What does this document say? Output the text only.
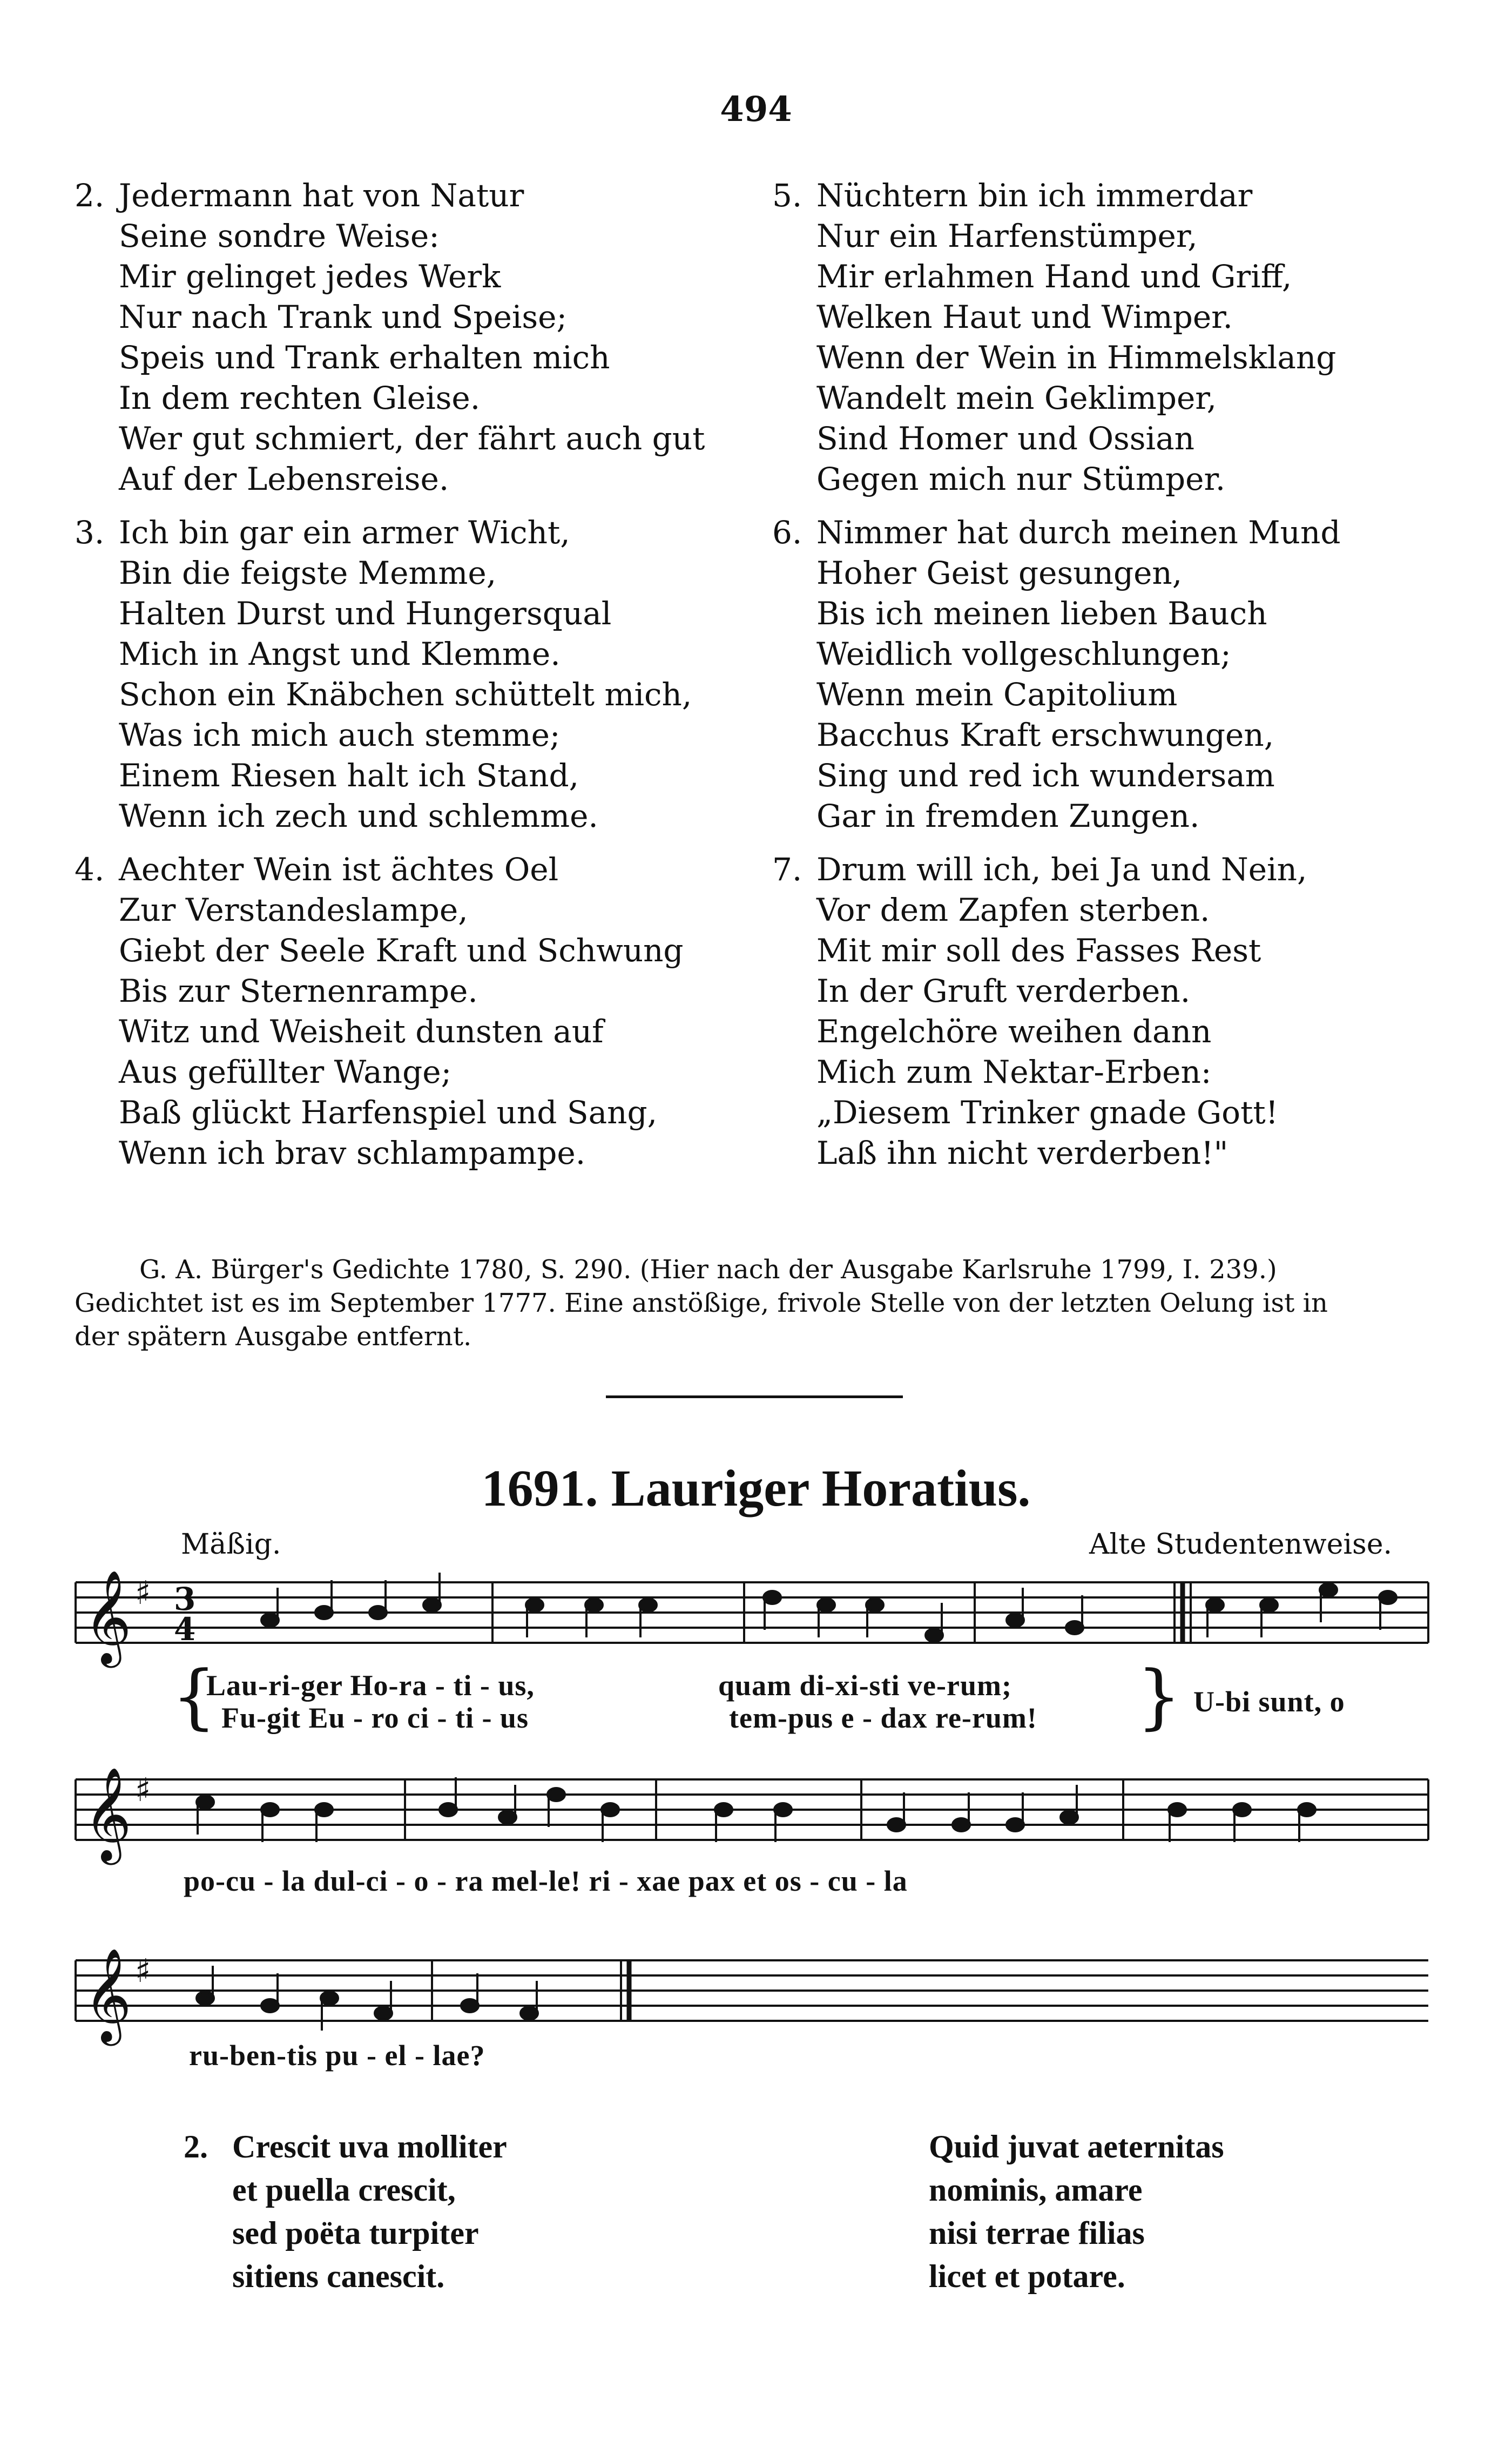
494
2. Jedermann hat von Natur
Seine sondre Weise:
Mir gelinget jedes Werk
Nur nach Trank und Speise;
Speis und Trank erhalten mich
In dem rechten Gleise.
Wer gut schmiert, der fährt auch gut
Auf der Lebensreise.
3. Ich bin gar ein armer Wicht,
Bin die feigste Memme,
Halten Durst und Hungersqual
Mich in Angst und Klemme.
Schon ein Knäbchen schüttelt mich,
Was ich mich auch stemme;
Einem Riesen halt ich Stand,
Wenn ich zech und schlemme.
4. Aechter Wein ist ächtes Oel
Zur Verstandeslampe,
Giebt der Seele Kraft und Schwung
Bis zur Sternenrampe.
Witz und Weisheit dunsten auf
Aus gefüllter Wange;
Baß glückt Harfenspiel und Sang,
Wenn ich brav schlampampe.
5. Nüchtern bin ich immerdar
Nur ein Harfenstümper,
Mir erlahmen Hand und Griff,
Welken Haut und Wimper.
Wenn der Wein in Himmelsklang
Wandelt mein Geklimper,
Sind Homer und Ossian
Gegen mich nur Stümper.
6. Nimmer hat durch meinen Mund
Hoher Geist gesungen,
Bis ich meinen lieben Bauch
Weidlich vollgeschlungen;
Wenn mein Capitolium
Bacchus Kraft erschwungen,
Sing und red ich wundersam
Gar in fremden Zungen.
7. Drum will ich, bei Ja und Nein,
Vor dem Zapfen sterben.
Mit mir soll des Fasses Rest
In der Gruft verderben.
Engelchöre weihen dann
Mich zum Nektar-Erben:
„Diesem Trinker gnade Gott!
Laß ihn nicht verderben!"
G. A. Bürger's Gedichte 1780, S. 290. (Hier nach der Ausgabe Karlsruhe 1799, I. 239.)
Gedichtet ist es im September 1777. Eine anstößige, frivole Stelle von der letzten Oelung ist in
der spätern Ausgabe entfernt.
1691. Lauriger Horatius.
Mäßig.	Alte Studentenweise.
𝄞 ♯ 3
4
{
Lau-ri-ger Ho-ra - ti - us,	quam di-xi-sti ve-rum;
Fu-git Eu - ro ci - ti - us	tem-pus e - dax re-rum! } U-bi sunt, o
𝄞 ♯
po-cu - la dul-ci - o - ra mel-le! ri - xae pax et os - cu - la
𝄞 ♯
ru-ben-tis pu - el - lae?
2. Crescit uva molliter
et puella crescit,
sed poëta turpiter
sitiens canescit.
Quid juvat aeternitas
nominis, amare
nisi terrae filias
licet et potare.
